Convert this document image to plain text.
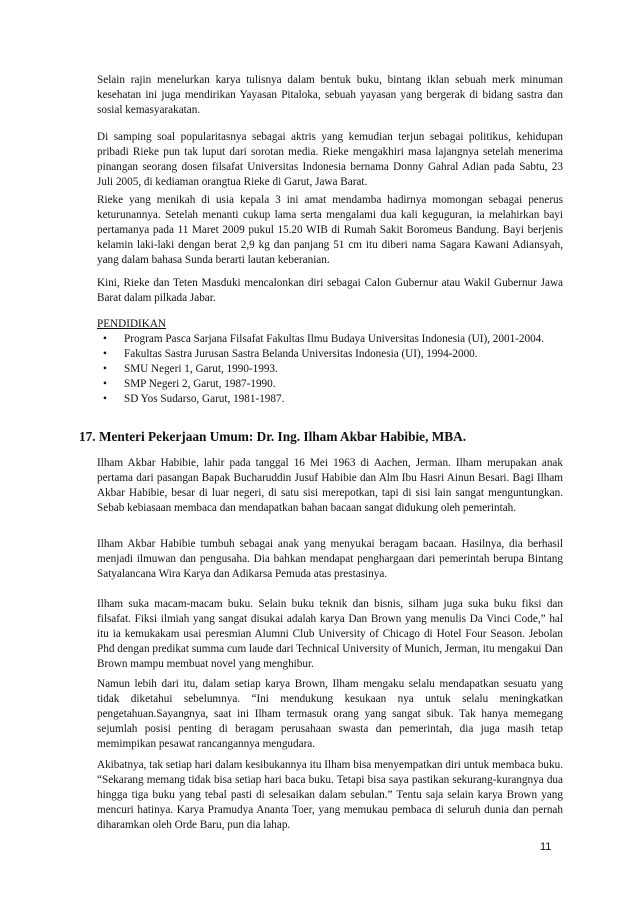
Selain rajin menelurkan karya tulisnya dalam bentuk buku, bintang iklan sebuah merk minuman kesehatan ini juga mendirikan Yayasan Pitaloka, sebuah yayasan yang bergerak di bidang sastra dan sosial kemasyarakatan.

Di samping soal popularitasnya sebagai aktris yang kemudian terjun sebagai politikus, kehidupan pribadi Rieke pun tak luput dari sorotan media. Rieke mengakhiri masa lajangnya setelah menerima pinangan seorang dosen filsafat Universitas Indonesia bernama Donny Gahral Adian pada Sabtu, 23 Juli 2005, di kediaman orangtua Rieke di Garut, Jawa Barat.

Rieke yang menikah di usia kepala 3 ini amat mendamba hadirnya momongan sebagai penerus keturunannya. Setelah menanti cukup lama serta mengalami dua kali keguguran, ia melahirkan bayi pertamanya pada 11 Maret 2009 pukul 15.20 WIB di Rumah Sakit Boromeus Bandung. Bayi berjenis kelamin laki-laki dengan berat 2,9 kg dan panjang 51 cm itu diberi nama Sagara Kawani Adiansyah, yang dalam bahasa Sunda berarti lautan keberanian.

Kini, Rieke dan Teten Masduki mencalonkan diri sebagai Calon Gubernur atau Wakil Gubernur Jawa Barat dalam pilkada Jabar.

PENDIDIKAN

• Program Pasca Sarjana Filsafat Fakultas Ilmu Budaya Universitas Indonesia (UI), 2001-2004.
• Fakultas Sastra Jurusan Sastra Belanda Universitas Indonesia (UI), 1994-2000.
• SMU Negeri 1, Garut, 1990-1993.
• SMP Negeri 2, Garut, 1987-1990.
• SD Yos Sudarso, Garut, 1981-1987.
17. Menteri Pekerjaan Umum: Dr. Ing. Ilham Akbar Habibie, MBA.

Ilham Akbar Habibie, lahir pada tanggal 16 Mei 1963 di Aachen, Jerman. Ilham merupakan anak pertama dari pasangan Bapak Bucharuddin Jusuf Habibie dan Alm Ibu Hasri Ainun Besari. Bagi Ilham Akbar Habibie, besar di luar negeri, di satu sisi merepotkan, tapi di sisi lain sangat menguntungkan. Sebab kebiasaan membaca dan mendapatkan bahan bacaan sangat didukung oleh pemerintah.

Ilham Akbar Habibie tumbuh sebagai anak yang menyukai beragam bacaan. Hasilnya, dia berhasil menjadi ilmuwan dan pengusaha. Dia bahkan mendapat penghargaan dari pemerintah berupa Bintang Satyalancana Wira Karya dan Adikarsa Pemuda atas prestasinya.

Ilham suka macam-macam buku. Selain buku teknik dan bisnis, silham juga suka buku fiksi dan filsafat. Fiksi ilmiah yang sangat disukai adalah karya Dan Brown yang menulis Da Vinci Code,” hal itu ia kemukakam usai peresmian Alumni Club University of Chicago di Hotel Four Season. Jebolan Phd dengan predikat summa cum laude dari Technical University of Munich, Jerman, itu mengakui Dan Brown mampu membuat novel yang menghibur.

Namun lebih dari itu, dalam setiap karya Brown, Ilham mengaku selalu mendapatkan sesuatu yang tidak diketahui sebelumnya. “Ini mendukung kesukaan nya untuk selalu meningkatkan pengetahuan.Sayangnya, saat ini Ilham termasuk orang yang sangat sibuk. Tak hanya memegang sejumlah posisi penting di beragam perusahaan swasta dan pemerintah, dia juga masih tetap memimpikan pesawat rancangannya mengudara.

Akibatnya, tak setiap hari dalam kesibukannya itu Ilham bisa menyempatkan diri untuk membaca buku. “Sekarang memang tidak bisa setiap hari baca buku. Tetapi bisa saya pastikan sekurang-kurangnya dua hingga tiga buku yang tebal pasti di selesaikan dalam sebulan.” Tentu saja selain karya Brown yang mencuri hatinya. Karya Pramudya Ananta Toer, yang memukau pembaca di seluruh dunia dan pernah diharamkan oleh Orde Baru, pun dia lahap.

11
